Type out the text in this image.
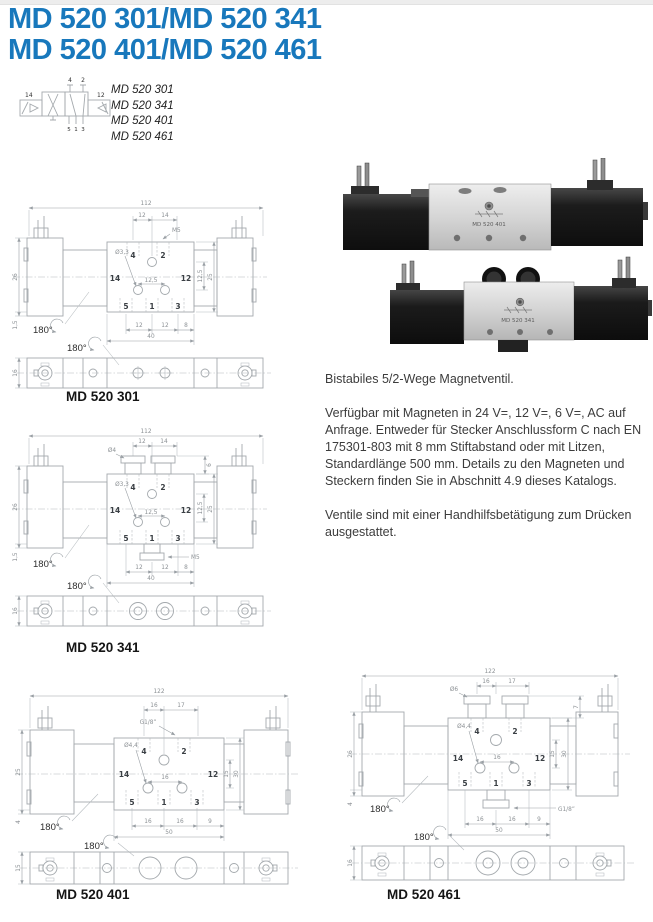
MD 520 301/MD 520 341
MD 520 401/MD 520 461
4 2
5 1 3
14	12 MD 520 301
MD 520 341
MD 520 401
MD 520 461
112
4	2
14	12
5	1	3
Ø3,3
12	14
M5
12,5	12,5 25
26
1,5	12	12	8
40
180°
180°
16
MD 520 301
112
12	14
Ø4
6
4	2
14	12
5	1	3
Ø3,3
12,5	12,5 25
26
1,5	M5
12	12	8
40
180°
180°
16
MD 520 341
122
4	2
14	12
5	1	3
Ø4,4
16	17
G1/8”
16
15 30
25
4	16	16	9
50
180°
180°
15
MD 520 401
122
16	17
Ø6
7
4	2
14	12
5	1	3
Ø4,4
16
15 30
26
4
G1/8”
16	16	9
50
180°
180°
16
MD 520 461
MD 520 401
MD 520 341

Bistabiles 5/2-Wege Magnetventil.

Verfügbar mit Magneten in 24 V=, 12 V=, 6 V=, AC auf Anfrage. Entweder für Stecker Anschlussform C nach EN 175301-803 mit 8 mm Stiftabstand oder mit Litzen, Standardlänge 500 mm. Details zu den Magneten und Steckern finden Sie in Abschnitt 4.9 dieses Katalogs.

Ventile sind mit einer Handhilfsbetätigung zum Drücken ausgestattet.
